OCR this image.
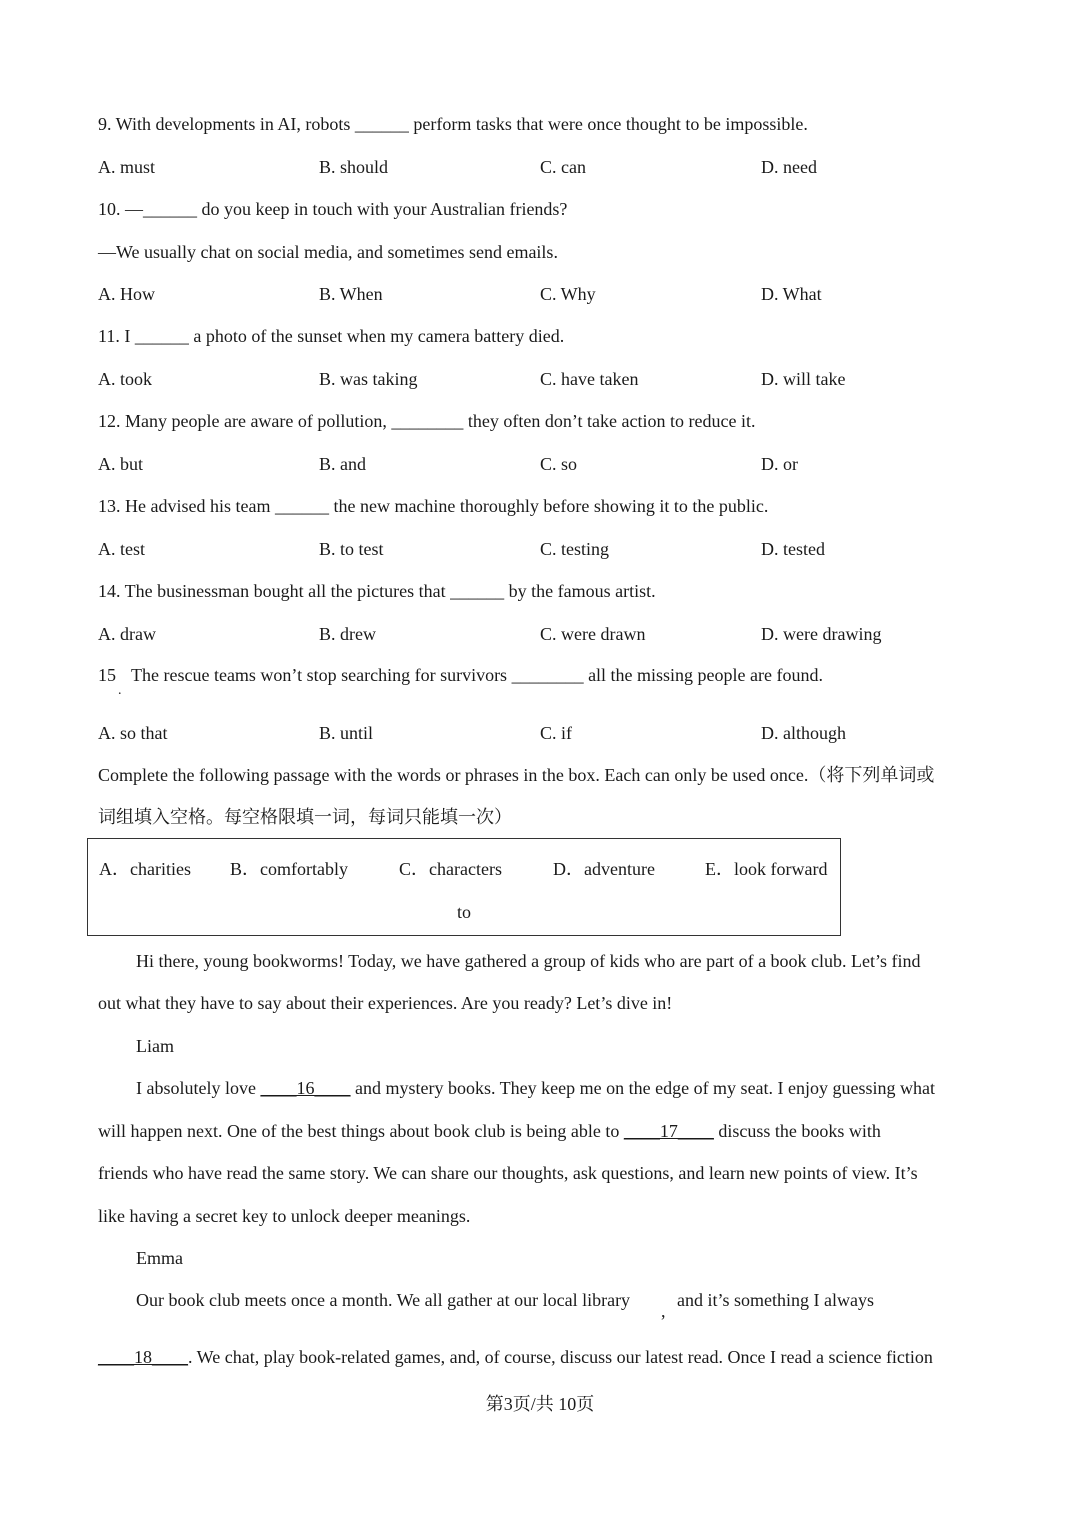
9. With developments in AI, robots ______ perform tasks that were once thought to be impossible.
A. must	B. should	C. can	D. need
10. —______ do you keep in touch with your Australian friends?
—We usually chat on social media, and sometimes send emails.
A. How	B. When	C. Why	D. What
11. I ______ a photo of the sunset when my camera battery died.
A. took	B. was taking	C. have taken	D. will take
12. Many people are aware of pollution, ________ they often don’t take action to reduce it.
A. but	B. and	C. so	D. or
13. He advised his team ______ the new machine thoroughly before showing it to the public.
A. test	B. to test	C. testing	D. tested
14. The businessman bought all the pictures that ______ by the famous artist.
A. draw	B. drew	C. were drawn	D. were drawing
15
.
The rescue teams won’t stop searching for survivors ________ all the missing people are found.
A. so that	B. until	C. if	D. although
Complete the following passage with the words or phrases in the box. Each can only be used once.（将下列单词或
词组填入空格。每空格限填一词，每词只能填一次）
A．charities B．comfortably	C．characters	D．adventure	E．look forward
to
Hi there, young bookworms! Today, we have gathered a group of kids who are part of a book club. Let’s find
out what they have to say about their experiences. Are you ready? Let’s dive in!
Liam
I absolutely love ____16____ and mystery books. They keep me on the edge of my seat. I enjoy guessing what
will happen next. One of the best things about book club is being able to ____17____ discuss the books with
friends who have read the same story. We can share our thoughts, ask questions, and learn new points of view. It’s
like having a secret key to unlock deeper meanings.
Emma
Our book club meets once a month. We all gather at our local library
,
and it’s something I always
____18____. We chat, play book-related games, and, of course, discuss our latest read. Once I read a science fiction
第3页/共 10页
